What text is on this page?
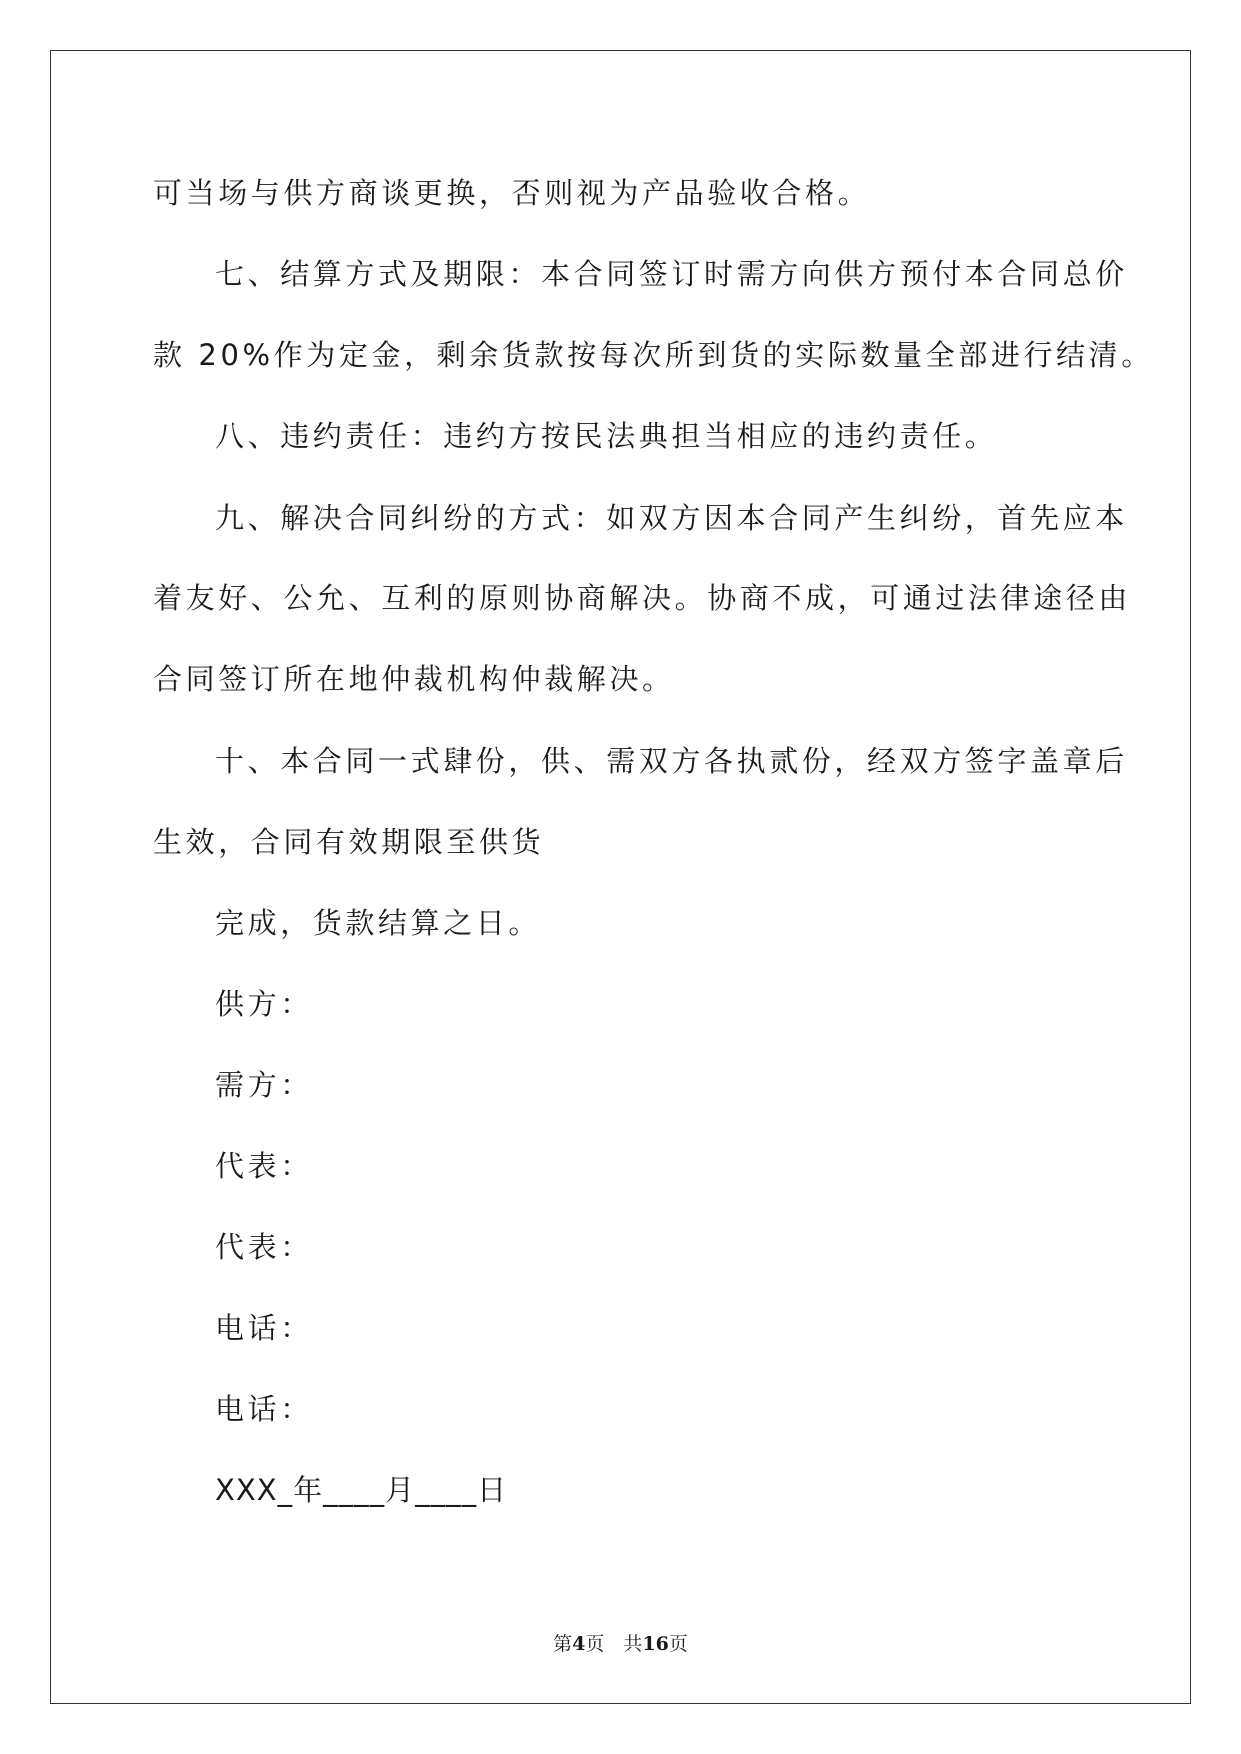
可当场与供方商谈更换，否则视为产品验收合格。
七、结算方式及期限：本合同签订时需方向供方预付本合同总价
款 20%作为定金，剩余货款按每次所到货的实际数量全部进行结清。
八、违约责任：违约方按民法典担当相应的违约责任。
九、解决合同纠纷的方式：如双方因本合同产生纠纷，首先应本
着友好、公允、互利的原则协商解决。协商不成，可通过法律途径由
合同签订所在地仲裁机构仲裁解决。
十、本合同一式肆份，供、需双方各执贰份，经双方签字盖章后
生效，合同有效期限至供货
完成，货款结算之日。
供方：
需方：
代表：
代表：
电话：
电话：
XXX_年____月____日
第4页　共16页
